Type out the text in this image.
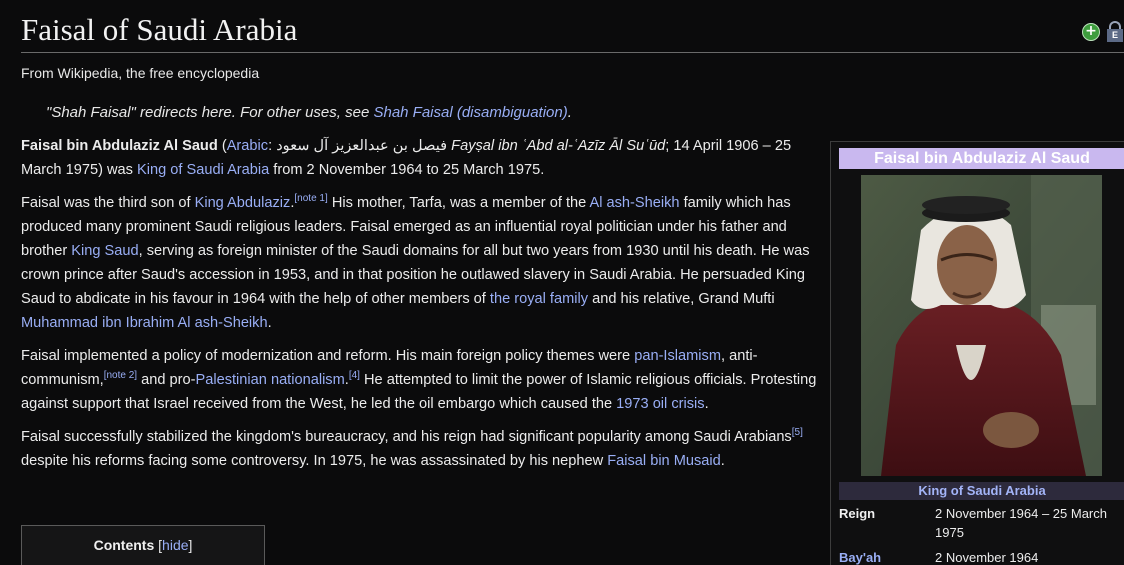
Faisal of Saudi Arabia	+	E
From Wikipedia, the free encyclopedia
"Shah Faisal" redirects here. For other uses, see Shah Faisal (disambiguation).

Faisal bin Abdulaziz Al Saud (Arabic: فيصل بن عبدالعزيز آل سعود Fayṣal ibn ʿAbd al-ʿAzīz Āl Suʿūd; 14 April 1906 – 25 March 1975) was King of Saudi Arabia from 2 November 1964 to 25 March 1975.

Faisal was the third son of King Abdulaziz.[note 1] His mother, Tarfa, was a member of the Al ash-Sheikh family which has produced many prominent Saudi religious leaders. Faisal emerged as an influential royal politician under his father and brother King Saud, serving as foreign minister of the Saudi domains for all but two years from 1930 until his death. He was crown prince after Saud's accession in 1953, and in that position he outlawed slavery in Saudi Arabia. He persuaded King Saud to abdicate in his favour in 1964 with the help of other members of the royal family and his relative, Grand Mufti Muhammad ibn Ibrahim Al ash-Sheikh.

Faisal implemented a policy of modernization and reform. His main foreign policy themes were pan-Islamism, anti-communism,[note 2] and pro-Palestinian nationalism.[4] He attempted to limit the power of Islamic religious officials. Protesting against support that Israel received from the West, he led the oil embargo which caused the 1973 oil crisis.

Faisal successfully stabilized the kingdom's bureaucracy, and his reign had significant popularity among Saudi Arabians[5] despite his reforms facing some controversy. In 1975, he was assassinated by his nephew Faisal bin Musaid.

Contents [hide]
Faisal bin Abdulaziz Al Saud
King of Saudi Arabia
Reign	2 November 1964 – 25 March 1975
Bay'ah	2 November 1964
